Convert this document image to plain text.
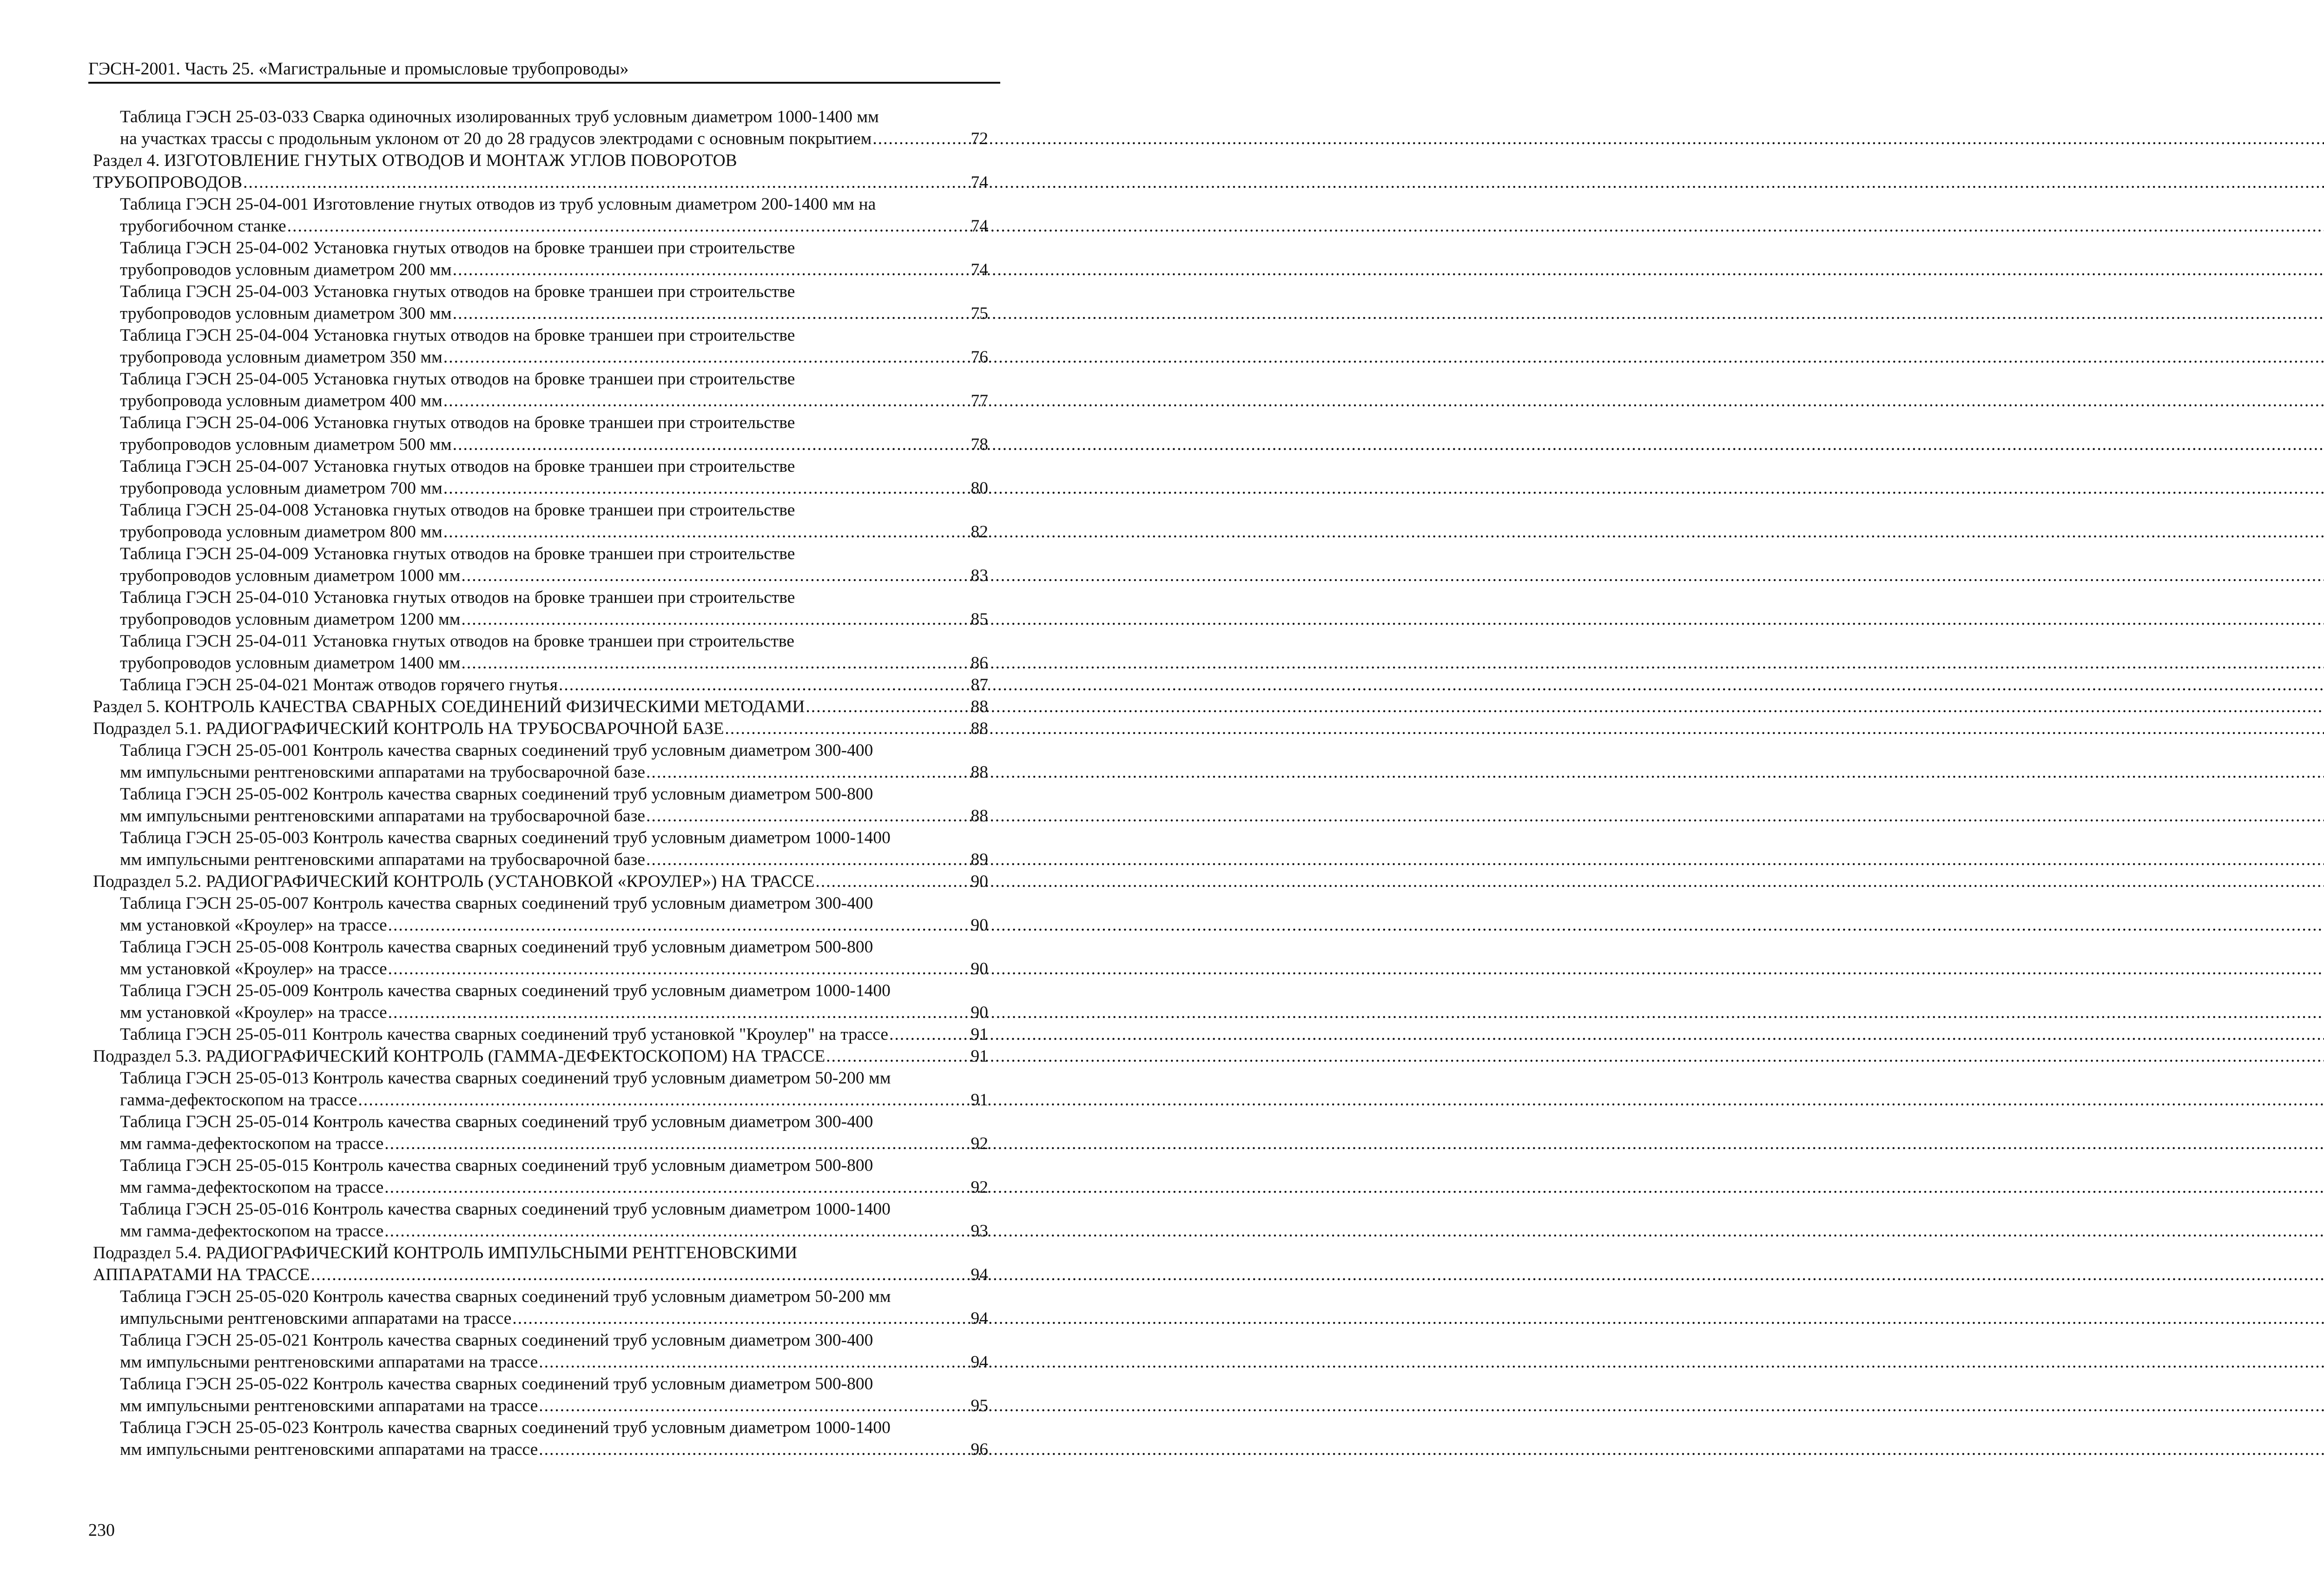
ГЭСН-2001. Часть 25. «Магистральные и промысловые трубопроводы»
Таблица ГЭСН 25-03-033 Сварка одиночных изолированных труб условным диаметром 1000-1400 мм
на участках трассы с продольным уклоном от 20 до 28 градусов электродами с основным покрытием .....	72
Раздел 4. ИЗГОТОВЛЕНИЕ ГНУТЫХ ОТВОДОВ И МОНТАЖ УГЛОВ ПОВОРОТОВ
ТРУБОПРОВОДОВ .....	74
Таблица ГЭСН 25-04-001 Изготовление гнутых отводов из труб условным диаметром 200-1400 мм на
трубогибочном станке .....	74
Таблица ГЭСН 25-04-002 Установка гнутых отводов на бровке траншеи при строительстве
трубопроводов условным диаметром 200 мм .....	74
Таблица ГЭСН 25-04-003 Установка гнутых отводов на бровке траншеи при строительстве
трубопроводов условным диаметром 300 мм .....	75
Таблица ГЭСН 25-04-004 Установка гнутых отводов на бровке траншеи при строительстве
трубопровода условным диаметром 350 мм .....	76
Таблица ГЭСН 25-04-005 Установка гнутых отводов на бровке траншеи при строительстве
трубопровода условным диаметром 400 мм .....	77
Таблица ГЭСН 25-04-006 Установка гнутых отводов на бровке траншеи при строительстве
трубопроводов условным диаметром 500 мм .....	78
Таблица ГЭСН 25-04-007 Установка гнутых отводов на бровке траншеи при строительстве
трубопровода условным диаметром 700 мм .....	80
Таблица ГЭСН 25-04-008 Установка гнутых отводов на бровке траншеи при строительстве
трубопровода условным диаметром 800 мм .....	82
Таблица ГЭСН 25-04-009 Установка гнутых отводов на бровке траншеи при строительстве
трубопроводов условным диаметром 1000 мм .....	83
Таблица ГЭСН 25-04-010 Установка гнутых отводов на бровке траншеи при строительстве
трубопроводов условным диаметром 1200 мм .....	85
Таблица ГЭСН 25-04-011 Установка гнутых отводов на бровке траншеи при строительстве
трубопроводов условным диаметром 1400 мм .....	86
Таблица ГЭСН 25-04-021 Монтаж отводов горячего гнутья .....	87
Раздел 5. КОНТРОЛЬ КАЧЕСТВА СВАРНЫХ СОЕДИНЕНИЙ ФИЗИЧЕСКИМИ МЕТОДАМИ .....	88
Подраздел 5.1. РАДИОГРАФИЧЕСКИЙ КОНТРОЛЬ НА ТРУБОСВАРОЧНОЙ БАЗЕ .....	88
Таблица ГЭСН 25-05-001 Контроль качества сварных соединений труб условным диаметром 300-400
мм импульсными рентгеновскими аппаратами на трубосварочной базе .....	88
Таблица ГЭСН 25-05-002 Контроль качества сварных соединений труб условным диаметром 500-800
мм импульсными рентгеновскими аппаратами на трубосварочной базе .....	88
Таблица ГЭСН 25-05-003 Контроль качества сварных соединений труб условным диаметром 1000-1400
мм импульсными рентгеновскими аппаратами на трубосварочной базе .....	89
Подраздел 5.2. РАДИОГРАФИЧЕСКИЙ КОНТРОЛЬ (УСТАНОВКОЙ «КРОУЛЕР») НА ТРАССЕ .....	90
Таблица ГЭСН 25-05-007 Контроль качества сварных соединений труб условным диаметром 300-400
мм установкой «Кроулер» на трассе .....	90
Таблица ГЭСН 25-05-008 Контроль качества сварных соединений труб условным диаметром 500-800
мм установкой «Кроулер» на трассе .....	90
Таблица ГЭСН 25-05-009 Контроль качества сварных соединений труб условным диаметром 1000-1400
мм установкой «Кроулер» на трассе .....	90
Таблица ГЭСН 25-05-011 Контроль качества сварных соединений труб установкой "Кроулер" на трассе .....	91
Подраздел 5.3. РАДИОГРАФИЧЕСКИЙ КОНТРОЛЬ (ГАММА-ДЕФЕКТОСКОПОМ) НА ТРАССЕ .....	91
Таблица ГЭСН 25-05-013 Контроль качества сварных соединений труб условным диаметром 50-200 мм
гамма-дефектоскопом на трассе .....	91
Таблица ГЭСН 25-05-014 Контроль качества сварных соединений труб условным диаметром 300-400
мм гамма-дефектоскопом на трассе .....	92
Таблица ГЭСН 25-05-015 Контроль качества сварных соединений труб условным диаметром 500-800
мм гамма-дефектоскопом на трассе .....	92
Таблица ГЭСН 25-05-016 Контроль качества сварных соединений труб условным диаметром 1000-1400
мм гамма-дефектоскопом на трассе .....	93
Подраздел 5.4. РАДИОГРАФИЧЕСКИЙ КОНТРОЛЬ ИМПУЛЬСНЫМИ РЕНТГЕНОВСКИМИ
АППАРАТАМИ НА ТРАССЕ .....	94
Таблица ГЭСН 25-05-020 Контроль качества сварных соединений труб условным диаметром 50-200 мм
импульсными рентгеновскими аппаратами на трассе .....	94
Таблица ГЭСН 25-05-021 Контроль качества сварных соединений труб условным диаметром 300-400
мм импульсными рентгеновскими аппаратами на трассе .....	94
Таблица ГЭСН 25-05-022 Контроль качества сварных соединений труб условным диаметром 500-800
мм импульсными рентгеновскими аппаратами на трассе .....	95
Таблица ГЭСН 25-05-023 Контроль качества сварных соединений труб условным диаметром 1000-1400
мм импульсными рентгеновскими аппаратами на трассе .....	96
230
